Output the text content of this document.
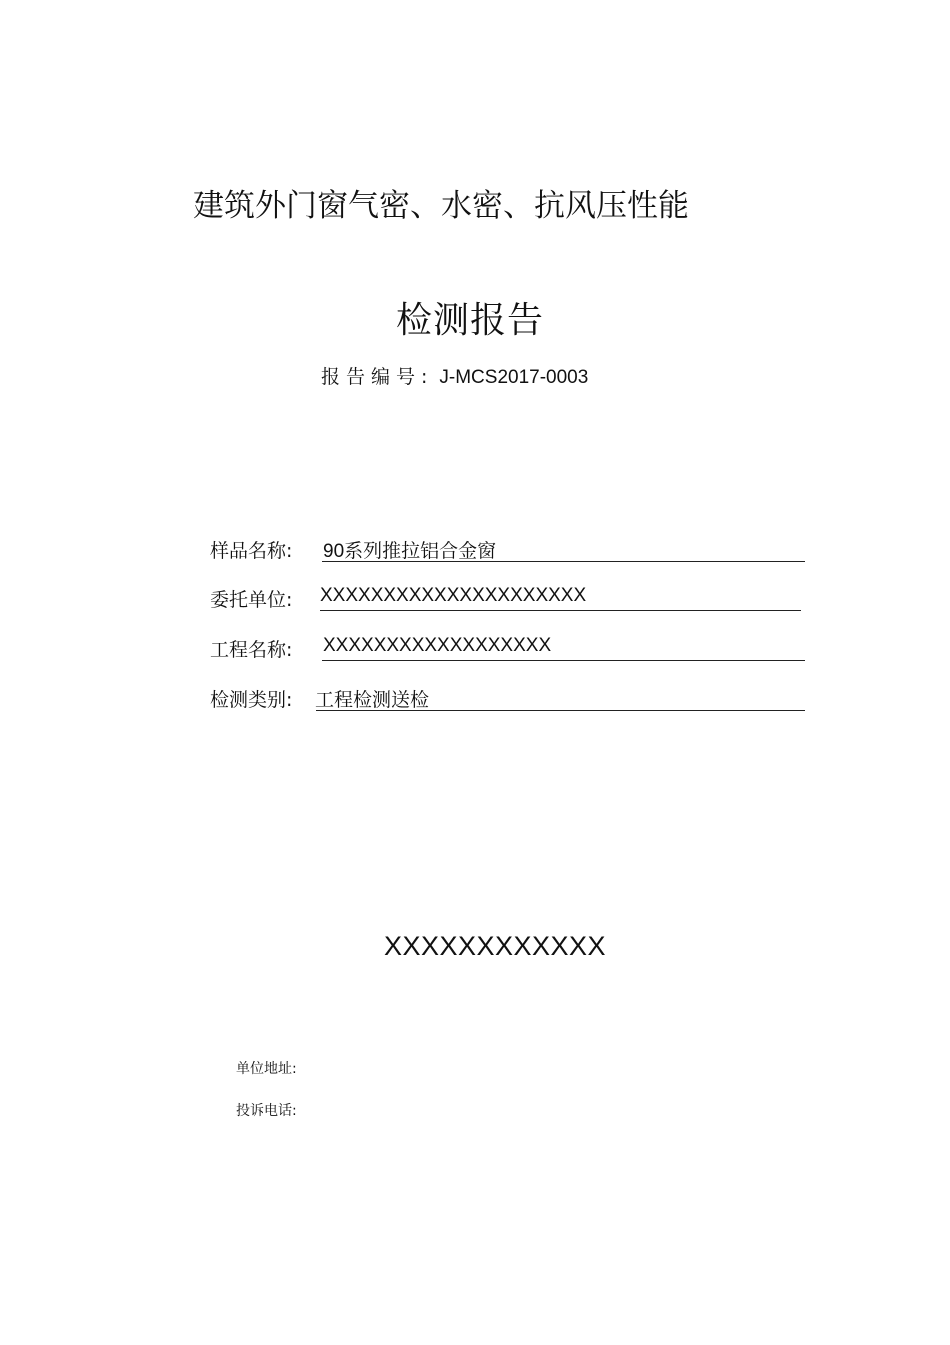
建筑外门窗气密、水密、抗风压性能
检测报告
报告编号: J-MCS2017-0003
样品名称: 90系列推拉铝合金窗
委托单位: XXXXXXXXXXXXXXXXXXXXX
工程名称: XXXXXXXXXXXXXXXXXX
检测类别: 工程检测送检
XXXXXXXXXXXX
单位地址:
投诉电话:
